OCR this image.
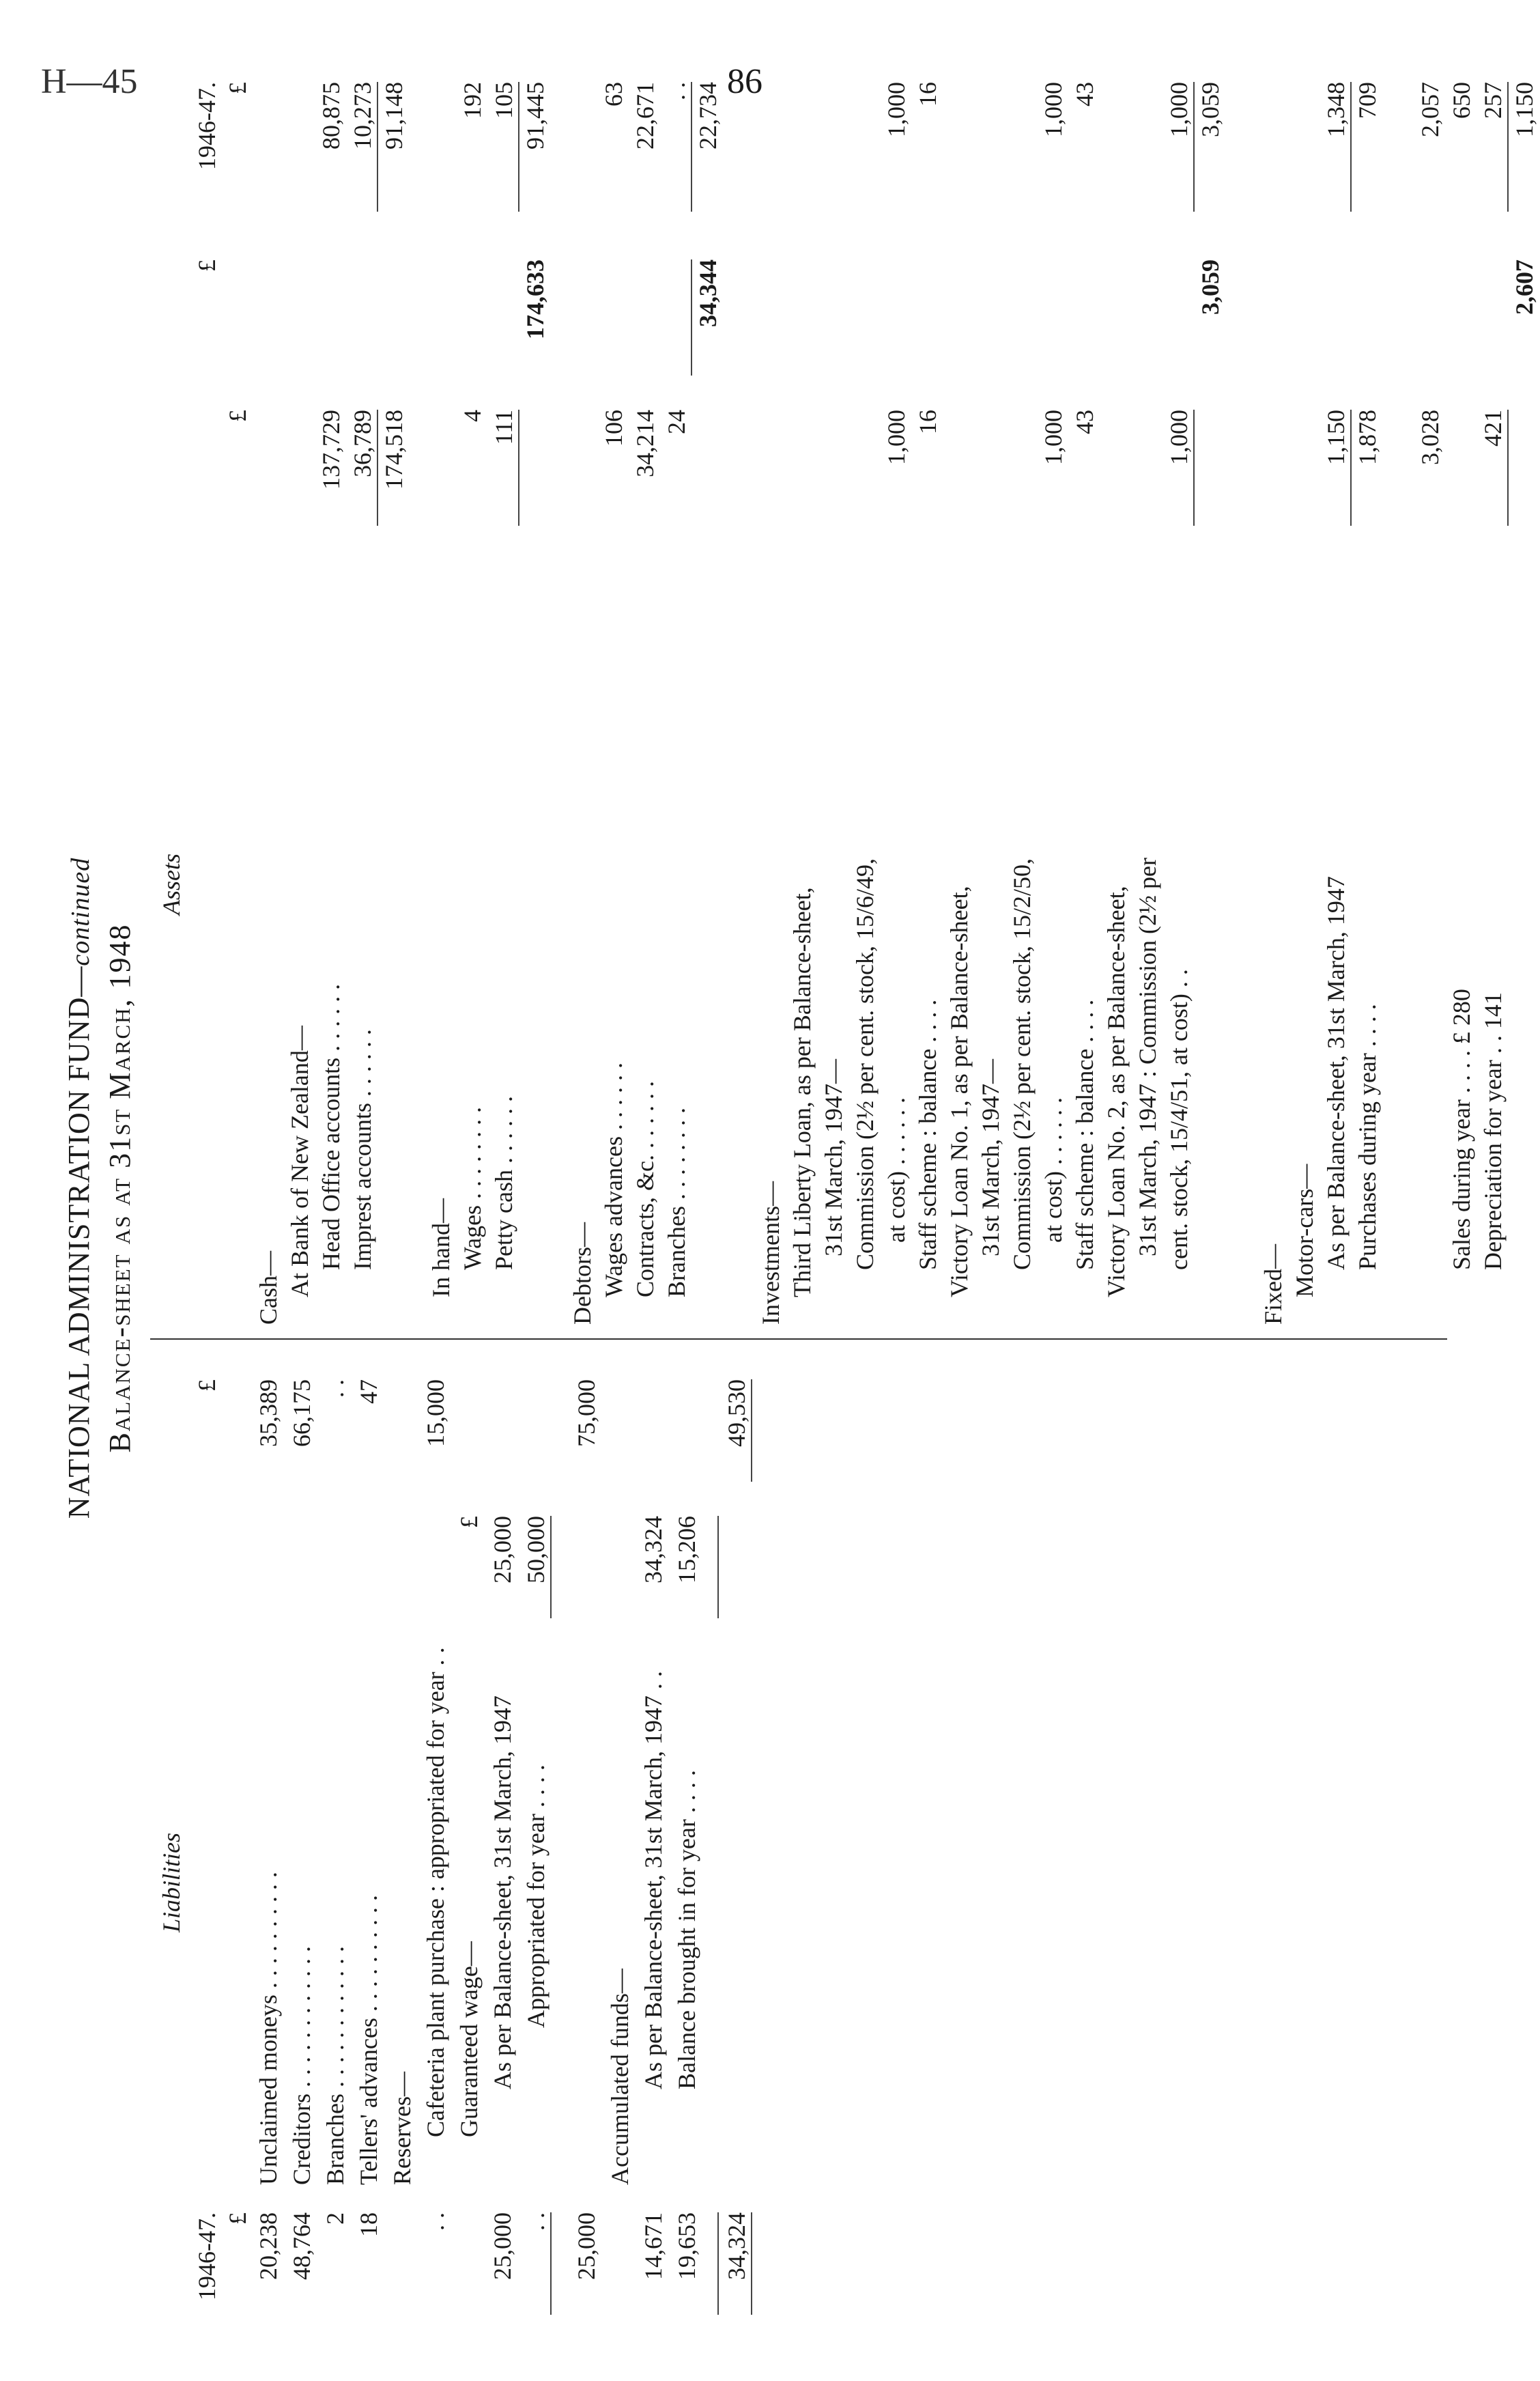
H—45	86
NATIONAL ADMINISTRATION FUND—continued
Balance-sheet as at 31st March, 1948
Liabilities
1946-47.
£
£ 20,238
Unclaimed moneys . . . . . . . . . .
35,389
48,764
Creditors . . . . . . . . . . . .
66,175
2
Branches . . . . . . . . . . . .
. .
18
Tellers' advances . . . . . . . . . .
47
Reserves—
. .
Cafeteria plant purchase : appropriated for year . .
15,000
Guaranteed wage—
£
25,000
As per Balance-sheet, 31st March, 1947
25,000
. .
Appropriated for year . . . .
50,000
25,000
75,000
Accumulated funds—
14,671
As per Balance-sheet, 31st March, 1947 . .
34,324
19,653
Balance brought in for year . . . .
15,206
34,324
49,530
Assets
1946-47.
£
£
£
Cash— At Bank of New Zealand— Head Office accounts . . . . . .
137,729
80,875
Imprest accounts . . . . . .
36,789
10,273
174,518
91,148
In hand— Wages . . . . . . . .
4
192
Petty cash . . . . . .
111
105
174,633
91,445
Debtors— Wages advances . . . . . .
106
63
Contracts, &c. . . . . . .
34,214
22,671
Branches . . . . . . . .
24
. .
34,344
22,734
Investments— Third Liberty Loan, as per Balance-sheet, 31st March, 1947— Commission (2½ per cent. stock, 15/6/49, at cost) . . . . . .
1,000
1,000
Staff scheme : balance . . . .
16
16
Victory Loan No. 1, as per Balance-sheet, 31st March, 1947— Commission (2½ per cent. stock, 15/2/50, at cost) . . . . . .
1,000
1,000
Staff scheme : balance . . . .
43
43
Victory Loan No. 2, as per Balance-sheet, 31st March, 1947 : Commission (2½ per cent. stock, 15/4/51, at cost) . .
1,000
1,000
3,059
3,059
Fixed— Motor-cars— As per Balance-sheet, 31st March, 1947
1,150
1,348
Purchases during year . . . .
1,878
709
3,028
2,057
Sales during year . . . . £ 280
650
Depreciation for year . . 141
421
257
2,607
1,150
